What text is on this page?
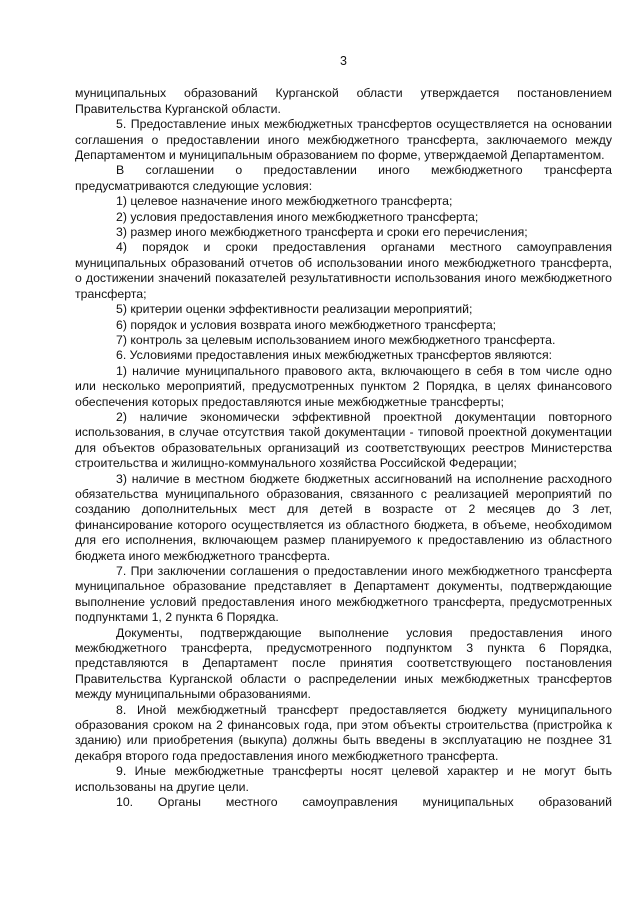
3

муниципальных образований Курганской области утверждается постановлением Правительства Курганской области.

5. Предоставление иных межбюджетных трансфертов осуществляется на основании соглашения о предоставлении иного межбюджетного трансферта, заключаемого между Департаментом и муниципальным образованием по форме, утверждаемой Департаментом.

В соглашении о предоставлении иного межбюджетного трансферта предусматриваются следующие условия:

1) целевое назначение иного межбюджетного трансферта;

2) условия предоставления иного межбюджетного трансферта;

3) размер иного межбюджетного трансферта и сроки его перечисления;

4) порядок и сроки предоставления органами местного самоуправления муниципальных образований отчетов об использовании иного межбюджетного трансферта, о достижении значений показателей результативности использования иного межбюджетного трансферта;

5) критерии оценки эффективности реализации мероприятий;

6) порядок и условия возврата иного межбюджетного трансферта;

7) контроль за целевым использованием иного межбюджетного трансферта.

6. Условиями предоставления иных межбюджетных трансфертов являются:

1) наличие муниципального правового акта, включающего в себя в том числе одно или несколько мероприятий, предусмотренных пунктом 2 Порядка, в целях финансового обеспечения которых предоставляются иные межбюджетные трансферты;

2) наличие экономически эффективной проектной документации повторного использования, в случае отсутствия такой документации - типовой проектной документации для объектов образовательных организаций из соответствующих реестров Министерства строительства и жилищно-коммунального хозяйства Российской Федерации;

3) наличие в местном бюджете бюджетных ассигнований на исполнение расходного обязательства муниципального образования, связанного с реализацией мероприятий по созданию дополнительных мест для детей в возрасте от 2 месяцев до 3 лет, финансирование которого осуществляется из областного бюджета, в объеме, необходимом для его исполнения, включающем размер планируемого к предоставлению из областного бюджета иного межбюджетного трансферта.

7. При заключении соглашения о предоставлении иного межбюджетного трансферта муниципальное образование представляет в Департамент документы, подтверждающие выполнение условий предоставления иного межбюджетного трансферта, предусмотренных подпунктами 1, 2 пункта 6 Порядка.

Документы, подтверждающие выполнение условия предоставления иного межбюджетного трансферта, предусмотренного подпунктом 3 пункта 6 Порядка, представляются в Департамент после принятия соответствующего постановления Правительства Курганской области о распределении иных межбюджетных трансфертов между муниципальными образованиями.

8. Иной межбюджетный трансферт предоставляется бюджету муниципального образования сроком на 2 финансовых года, при этом объекты строительства (пристройка к зданию) или приобретения (выкупа) должны быть введены в эксплуатацию не позднее 31 декабря второго года предоставления иного межбюджетного трансферта.

9. Иные межбюджетные трансферты носят целевой характер и не могут быть использованы на другие цели.

10. Органы местного самоуправления муниципальных образований
